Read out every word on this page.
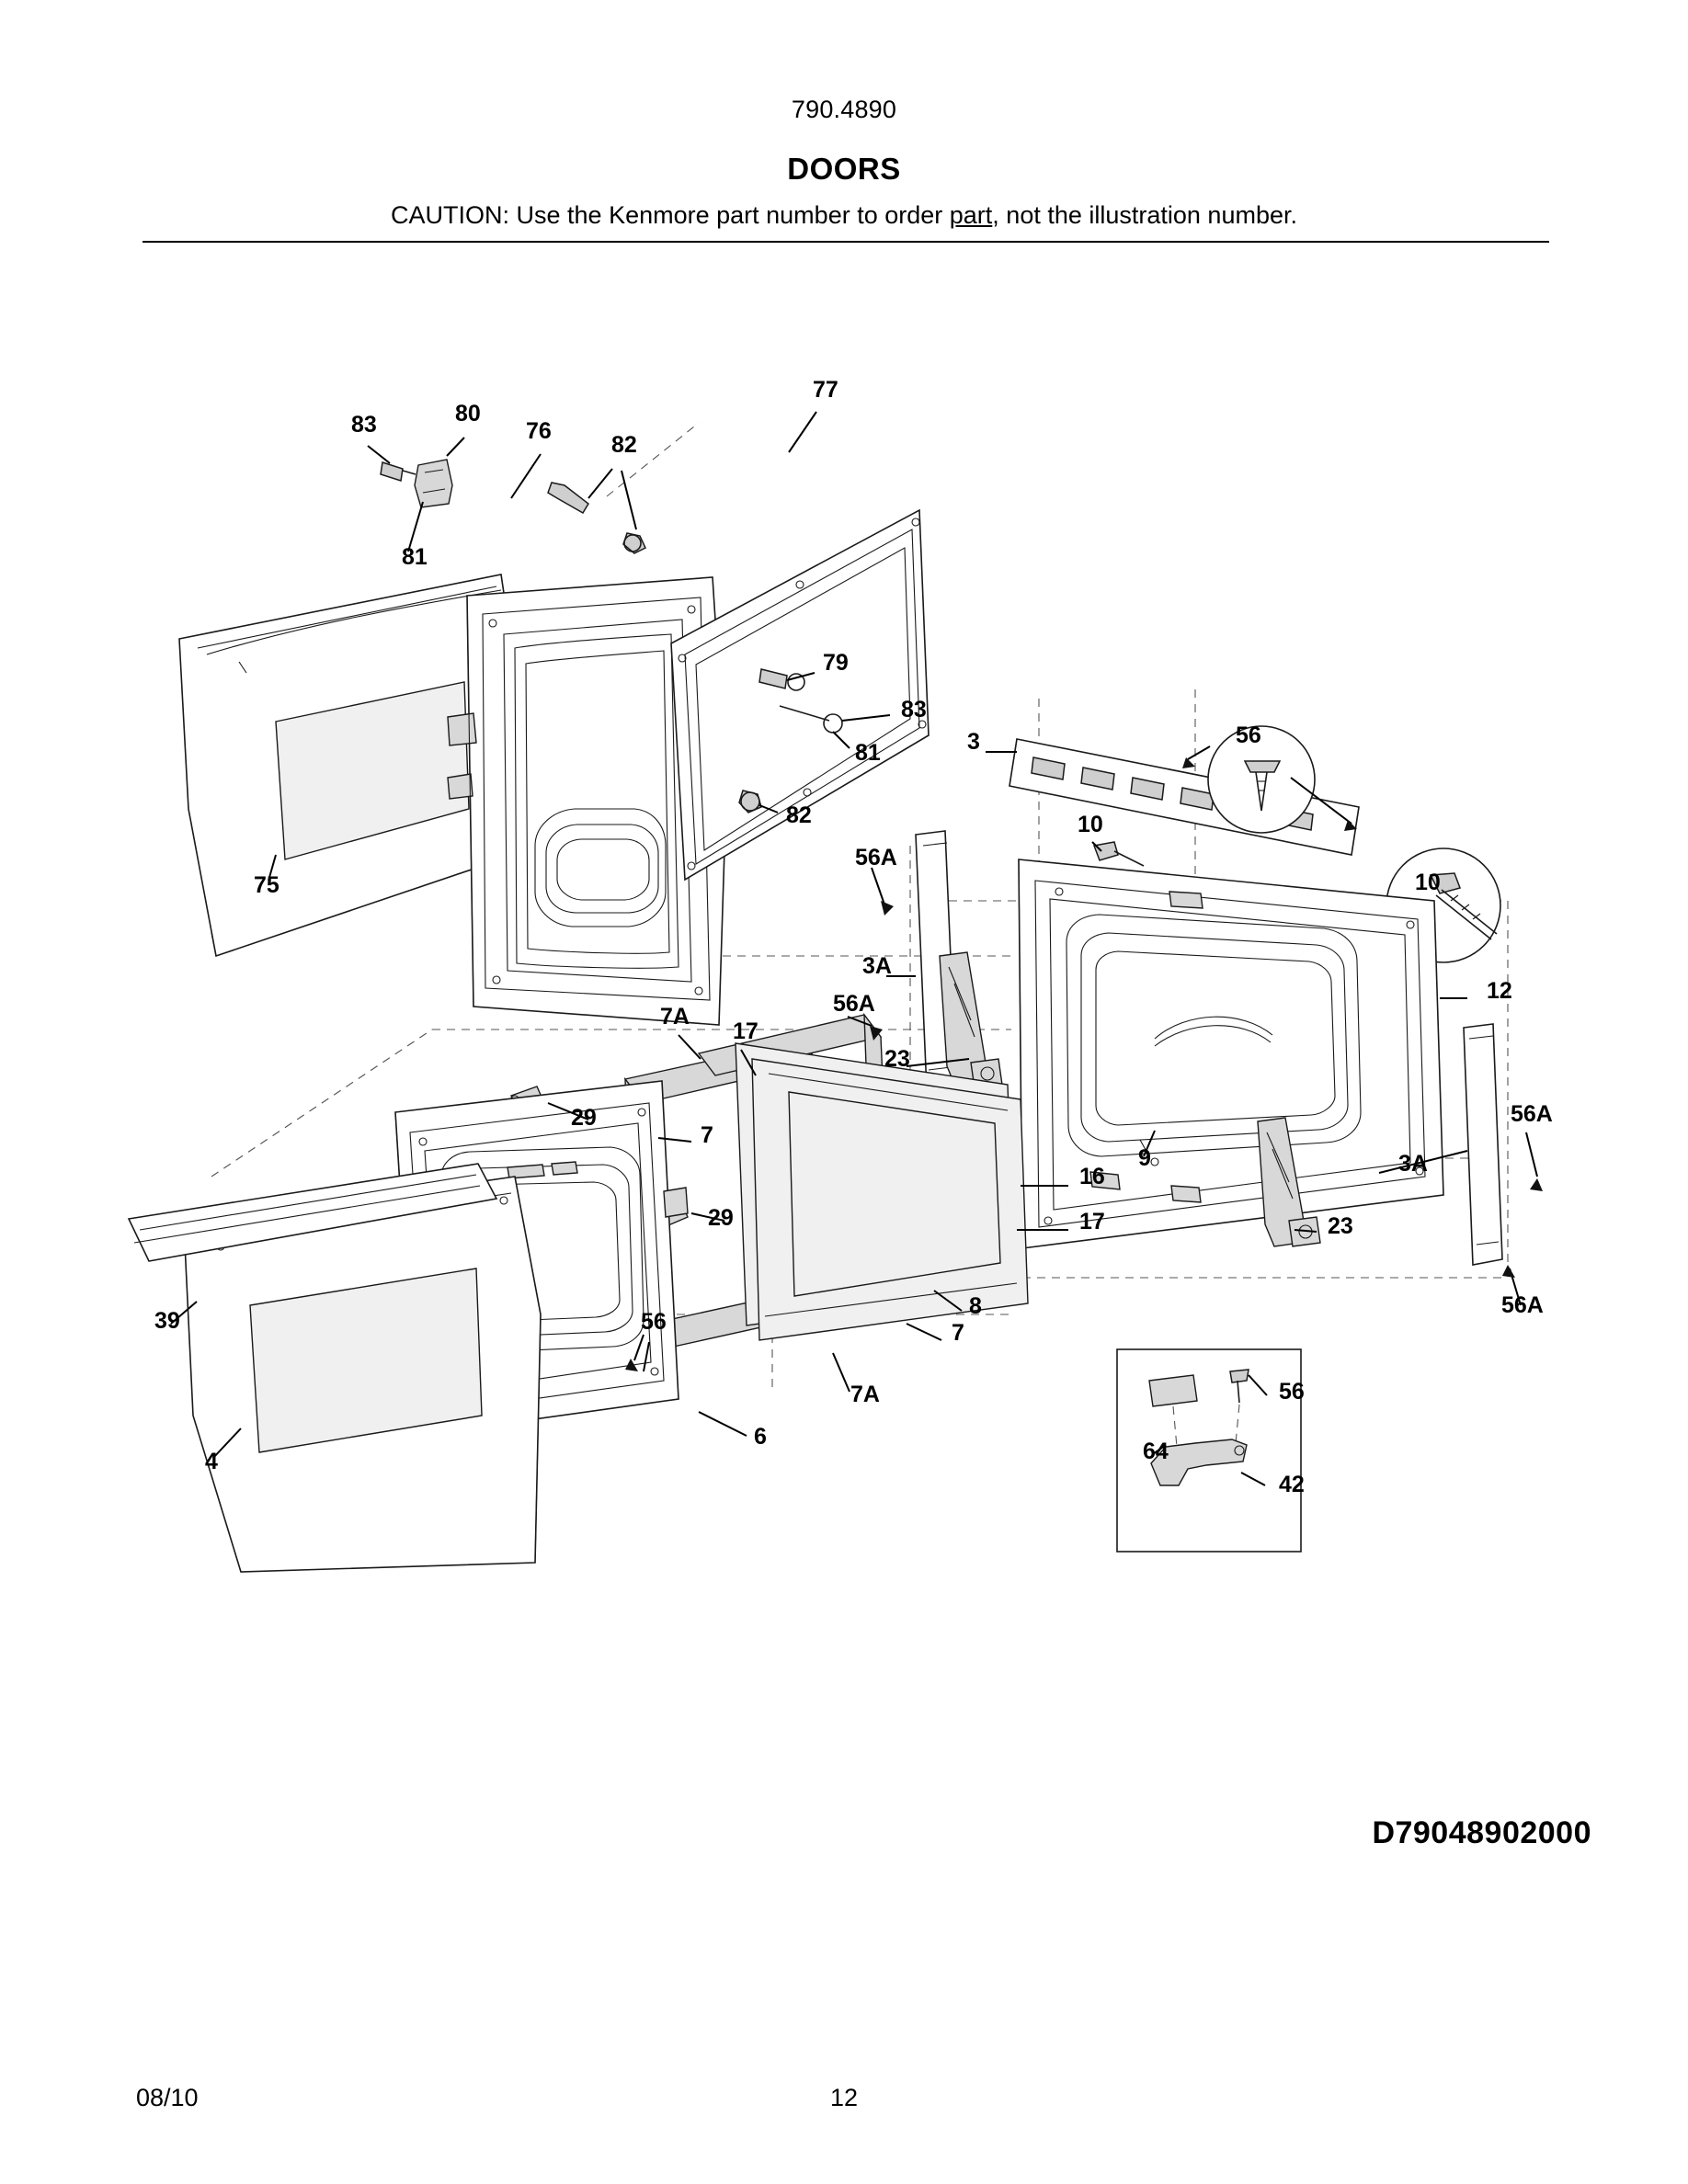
790.4890
DOORS
CAUTION: Use the Kenmore part number to order part, not the illustration number.
83	80
76
82
77
81
79
83
81
82
75
3	56
10
10
56A
12
3A
7A
17
56A
23
29
7
9
56A
3A
16
29	17	23
39
8
56	7
56A
7A
6
4
56
64
42
D79048902000
08/10	12
